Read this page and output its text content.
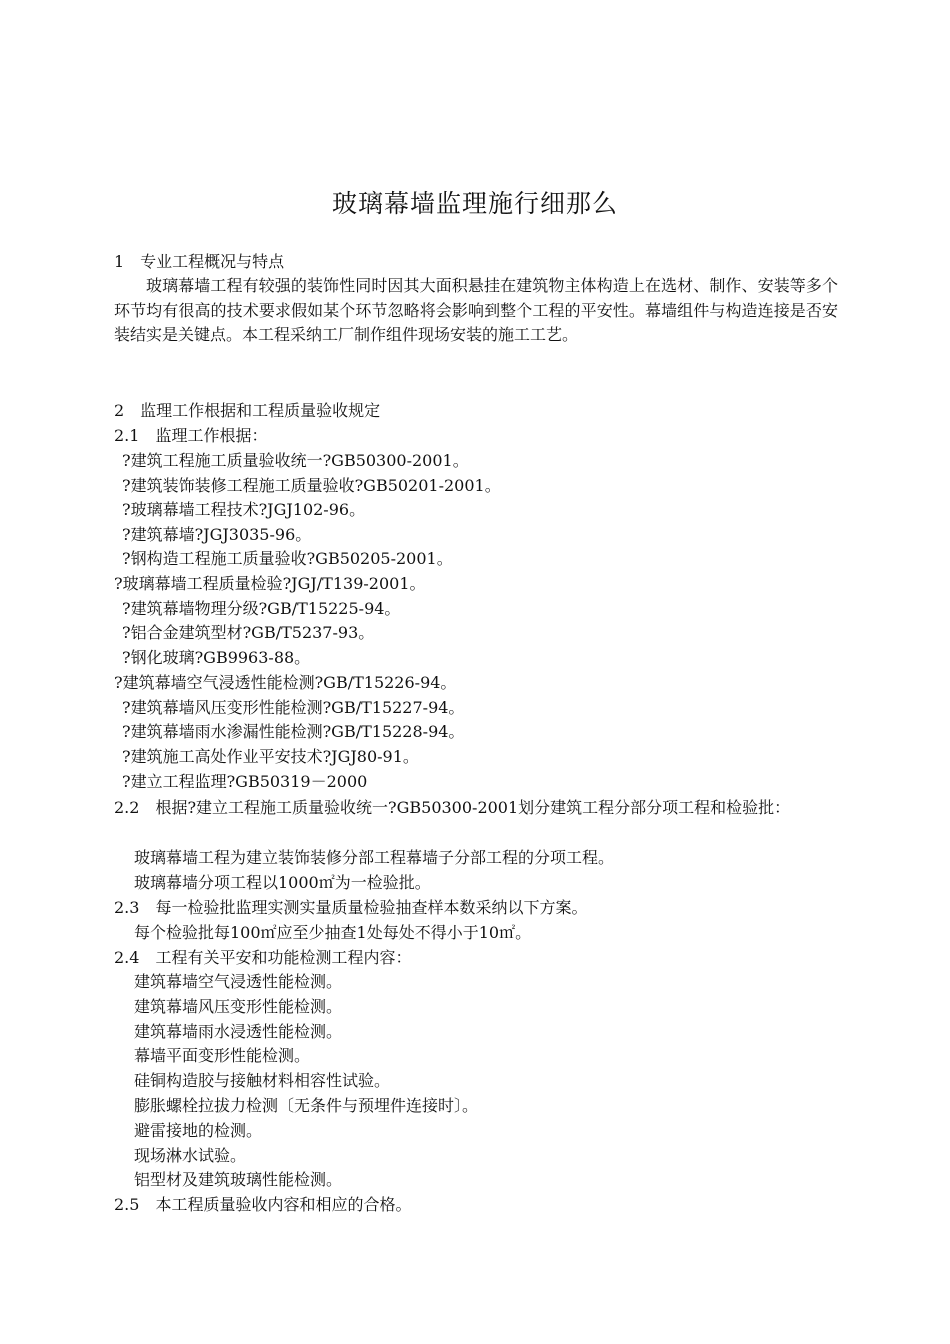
玻璃幕墙监理施行细那么
1　专业工程概况与特点

玻璃幕墙工程有较强的装饰性同时因其大面积悬挂在建筑物主体构造上在选材、制作、安装等多个环节均有很高的技术要求假如某个环节忽略将会影响到整个工程的平安性。幕墙组件与构造连接是否安装结实是关键点。本工程采纳工厂制作组件现场安装的施工工艺。

2　监理工作根据和工程质量验收规定
2.1　监理工作根据：
?建筑工程施工质量验收统一?GB50300-2001。
?建筑装饰装修工程施工质量验收?GB50201-2001。
?玻璃幕墙工程技术?JGJ102-96。
?建筑幕墙?JGJ3035-96。
?钢构造工程施工质量验收?GB50205-2001。
?玻璃幕墙工程质量检验?JGJ/T139-2001。
?建筑幕墙物理分级?GB/T15225-94。
?铝合金建筑型材?GB/T5237-93。
?钢化玻璃?GB9963-88。
?建筑幕墙空气浸透性能检测?GB/T15226-94。
?建筑幕墙风压变形性能检测?GB/T15227-94。
?建筑幕墙雨水渗漏性能检测?GB/T15228-94。
?建筑施工高处作业平安技术?JGJ80-91。
?建立工程监理?GB50319－2000

2.2　根据?建立工程施工质量验收统一?GB50300-2001划分建筑工程分部分项工程和检验批：

玻璃幕墙工程为建立装饰装修分部工程幕墙子分部工程的分项工程。
玻璃幕墙分项工程以1000㎡为一检验批。
2.3　每一检验批监理实测实量质量检验抽查样本数采纳以下方案。
每个检验批每100㎡应至少抽查1处每处不得小于10㎡。
2.4　工程有关平安和功能检测工程内容：
建筑幕墙空气浸透性能检测。
建筑幕墙风压变形性能检测。
建筑幕墙雨水浸透性能检测。
幕墙平面变形性能检测。
硅铜构造胶与接触材料相容性试验。
膨胀螺栓拉拔力检测〔无条件与预埋件连接时〕。
避雷接地的检测。
现场淋水试验。
铝型材及建筑玻璃性能检测。
2.5　本工程质量验收内容和相应的合格。
